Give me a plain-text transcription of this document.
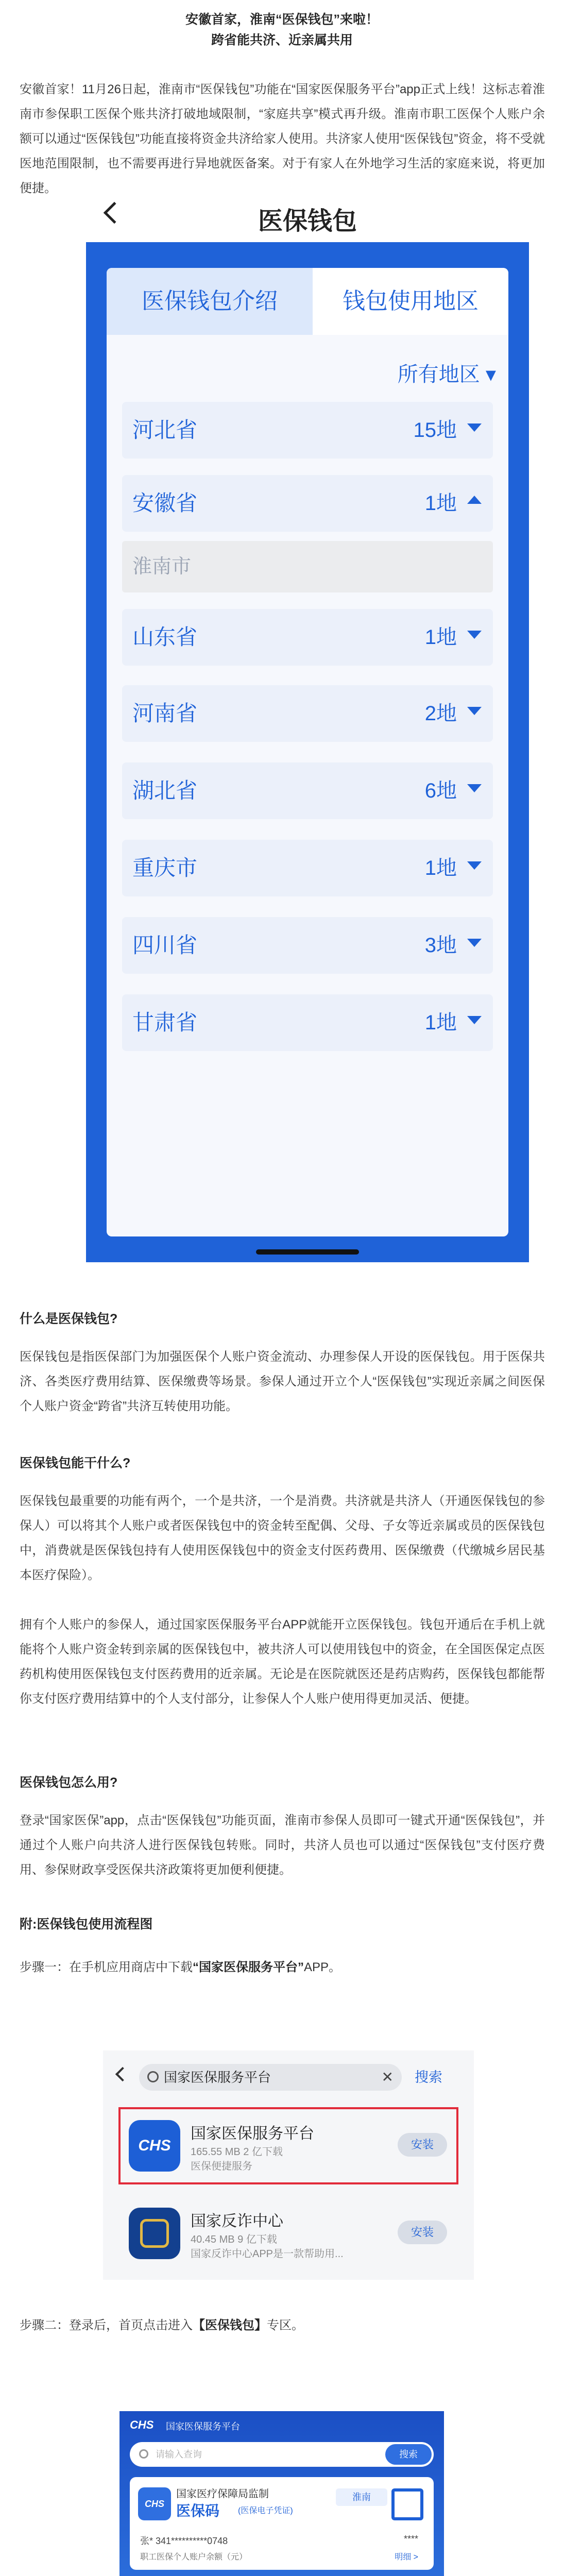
安徽首家，淮南“医保钱包”来啦！
跨省能共济、近亲属共用
安徽首家！11月26日起，淮南市“医保钱包”功能在“国家医保服务平台”app正式上线！这标志着淮南市参保职工医保个账共济打破地域限制，“家庭共享”模式再升级。淮南市职工医保个人账户余额可以通过“医保钱包”功能直接将资金共济给家人使用。共济家人使用“医保钱包”资金，将不受就医地范围限制，也不需要再进行异地就医备案。对于有家人在外地学习生活的家庭来说，将更加便捷。
医保钱包
医保钱包介绍	钱包使用地区
所有地区 ▾
河北省	15地
安徽省	1地
淮南市
山东省	1地
河南省	2地
湖北省	6地
重庆市	1地
四川省	3地
甘肃省	1地
什么是医保钱包?
医保钱包是指医保部门为加强医保个人账户资金流动、办理参保人开设的医保钱包。用于医保共济、各类医疗费用结算、医保缴费等场景。参保人通过开立个人“医保钱包”实现近亲属之间医保个人账户资金“跨省”共济互转使用功能。
医保钱包能干什么?
医保钱包最重要的功能有两个，一个是共济，一个是消费。共济就是共济人（开通医保钱包的参保人）可以将其个人账户或者医保钱包中的资金转至配偶、父母、子女等近亲属或员的医保钱包中，消费就是医保钱包持有人使用医保钱包中的资金支付医药费用、医保缴费（代缴城乡居民基本医疗保险）。
拥有个人账户的参保人，通过国家医保服务平台APP就能开立医保钱包。钱包开通后在手机上就能将个人账户资金转到亲属的医保钱包中，被共济人可以使用钱包中的资金，在全国医保定点医药机构使用医保钱包支付医药费用的近亲属。无论是在医院就医还是药店购药，医保钱包都能帮你支付医疗费用结算中的个人支付部分，让参保人个人账户使用得更加灵活、便捷。
医保钱包怎么用?
登录“国家医保”app，点击“医保钱包”功能页面，淮南市参保人员即可一键式开通“医保钱包”，并通过个人账户向共济人进行医保钱包转账。同时，共济人员也可以通过“医保钱包”支付医疗费用、参保财政享受医保共济政策将更加便利便捷。
附:医保钱包使用流程图
步骤一：在手机应用商店中下载“国家医保服务平台”APP。
国家医保服务平台	✕ 搜索
CHS
国家医保服务平台
165.55 MB 2 亿下载
医保便捷服务
安装
国家反诈中心
40.45 MB 9 亿下载
国家反诈中心APP是一款帮助用...
安装
步骤二：登录后，首页点击进入【医保钱包】专区。
CHS 国家医保服务平台
请输入查询	搜索
CHS
国家医疗保障局监制
医保码 (医保电子凭证)
淮南
张* 341**********0748
职工医保个人账户余额（元）
****
明细 >
